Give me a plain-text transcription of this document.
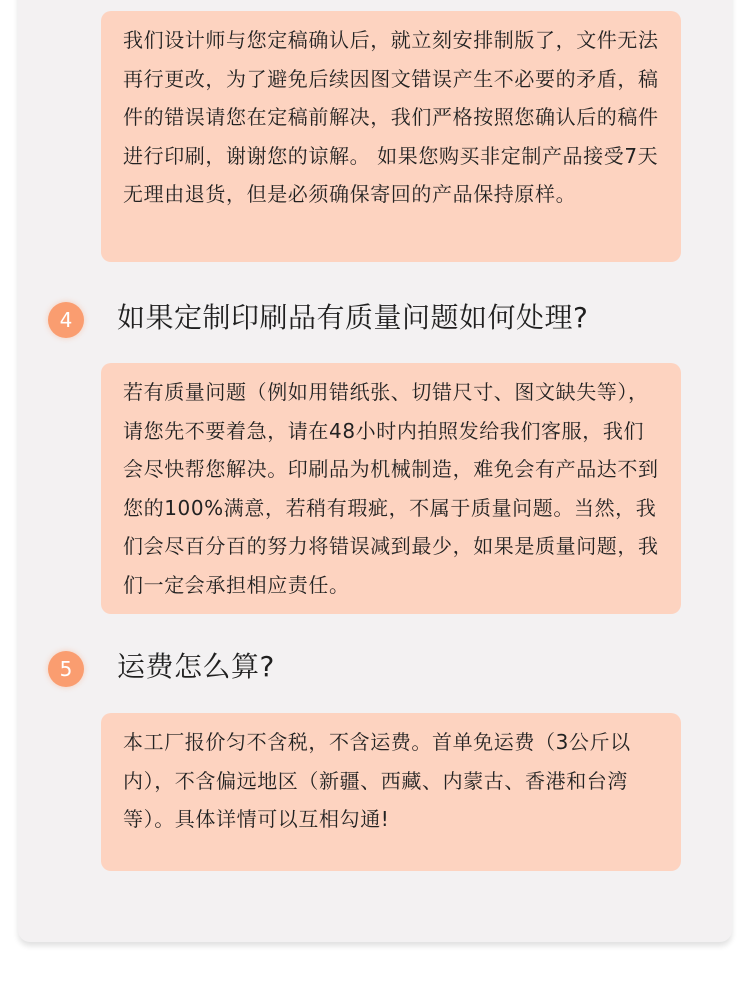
我们设计师与您定稿确认后，就立刻安排制版了，文件无法再行更改，为了避免后续因图文错误产生不必要的矛盾，稿件的错误请您在定稿前解决，我们严格按照您确认后的稿件进行印刷，谢谢您的谅解。 如果您购买非定制产品接受7天无理由退货，但是必须确保寄回的产品保持原样。
4	如果定制印刷品有质量问题如何处理?
若有质量问题（例如用错纸张、切错尺寸、图文缺失等），请您先不要着急，请在48小时内拍照发给我们客服，我们会尽快帮您解决。印刷品为机械制造，难免会有产品达不到您的100%满意，若稍有瑕疵，不属于质量问题。当然，我们会尽百分百的努力将错误减到最少，如果是质量问题，我们一定会承担相应责任。
5	运费怎么算?
本工厂报价匀不含税，不含运费。首单免运费（3公斤以内），不含偏远地区（新疆、西藏、内蒙古、香港和台湾等）。具体详情可以互相勾通!
